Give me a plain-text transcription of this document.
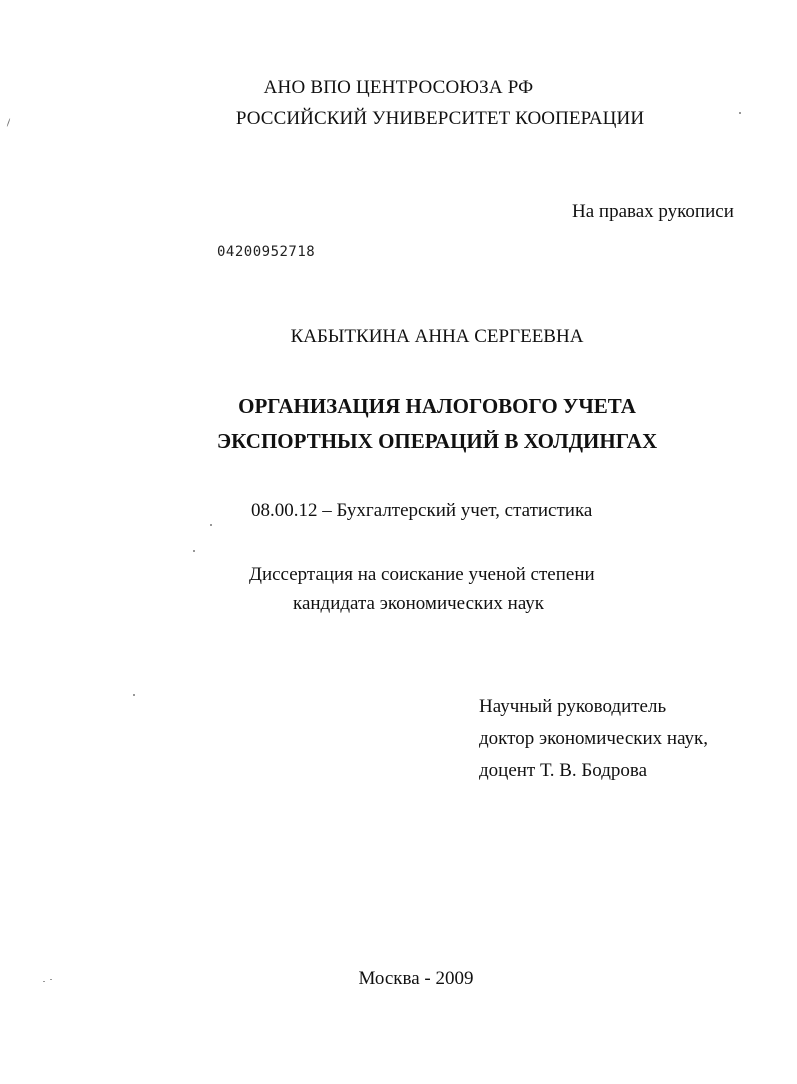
АНО ВПО ЦЕНТРОСОЮЗА РФ
РОССИЙСКИЙ УНИВЕРСИТЕТ КООПЕРАЦИИ
На правах рукописи
04200952718
КАБЫТКИНА АННА СЕРГЕЕВНА
ОРГАНИЗАЦИЯ НАЛОГОВОГО УЧЕТА
ЭКСПОРТНЫХ ОПЕРАЦИЙ В ХОЛДИНГАХ
08.00.12 – Бухгалтерский учет, статистика
Диссертация на соискание ученой степени
кандидата экономических наук
Научный руководитель
доктор экономических наук,
доцент Т. В. Бодрова
Москва - 2009
